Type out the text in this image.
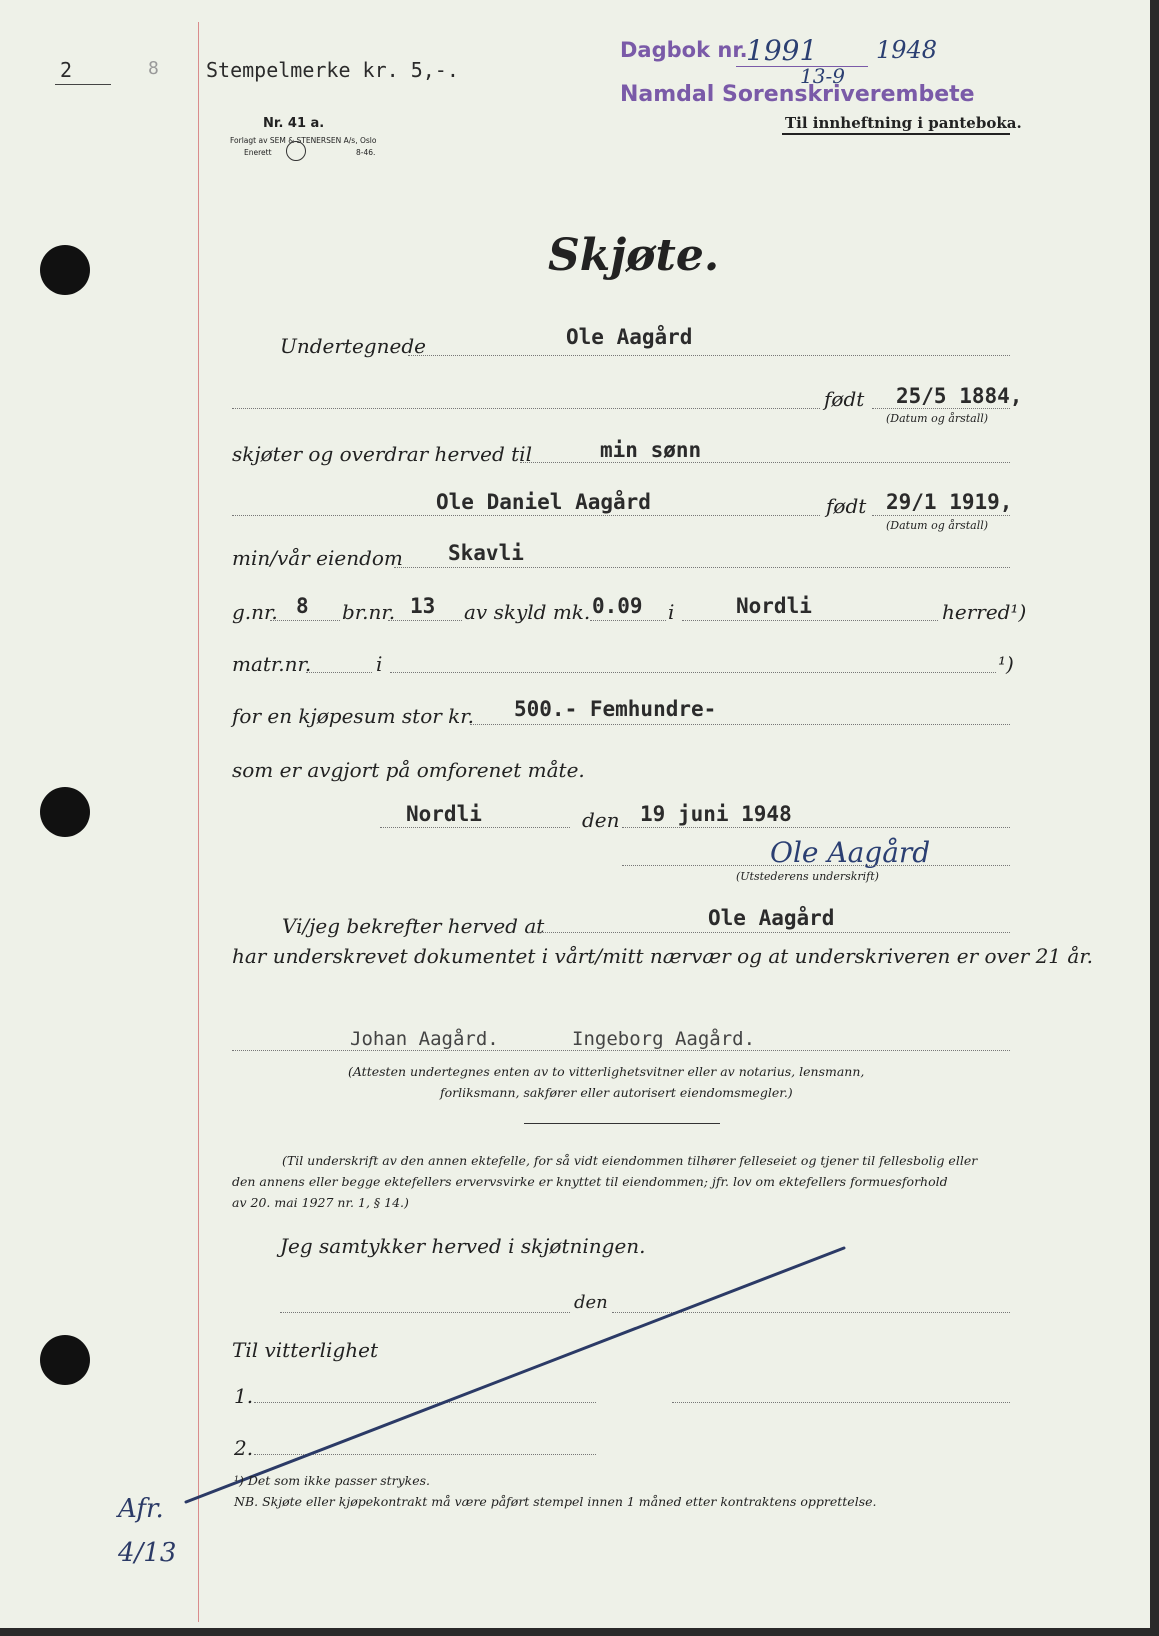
2	8 Stempelmerke kr. 5,-.
Nr. 41 a.
Forlagt av SEM & STENERSEN A/s, Oslo
Enerett	8-46.
Dagbok nr.
1991 1948
13-9
Namdal Sorenskriverembete
Til innheftning i panteboka.
Skjøte.
Undertegnede	Ole Aagård
født 25/5 1884,
(Datum og årstall)
skjøter og overdrar herved til	min sønn
Ole Daniel Aagård	født 29/1 1919,
(Datum og årstall)
min/vår eiendom Skavli
g.nr. 8 br.nr. 13 av skyld mk. 0.09 i	Nordli	herred¹)
matr.nr.	i	¹)
for en kjøpesum stor kr. 500.- Femhundre-
som er avgjort på omforenet måte.
Nordli	den 19 juni 1948
Ole Aagård
(Utstederens underskrift)
Vi/jeg bekrefter herved at	Ole Aagård
har underskrevet dokumentet i vårt/mitt nærvær og at underskriveren er over 21 år.
Johan Aagård.	Ingeborg Aagård.
(Attesten undertegnes enten av to vitterlighetsvitner eller av notarius, lensmann,
forliksmann, sakfører eller autorisert eiendomsmegler.)
(Til underskrift av den annen ektefelle, for så vidt eiendommen tilhører felleseiet og tjener til fellesbolig eller
den annens eller begge ektefellers ervervsvirke er knyttet til eiendommen; jfr. lov om ektefellers formuesforhold
av 20. mai 1927 nr. 1, § 14.)
Jeg samtykker herved i skjøtningen.
den
Til vitterlighet
1.
2.
¹) Det som ikke passer strykes.
NB. Skjøte eller kjøpekontrakt må være påført stempel innen 1 måned etter kontraktens opprettelse.
Afr.
4/13
